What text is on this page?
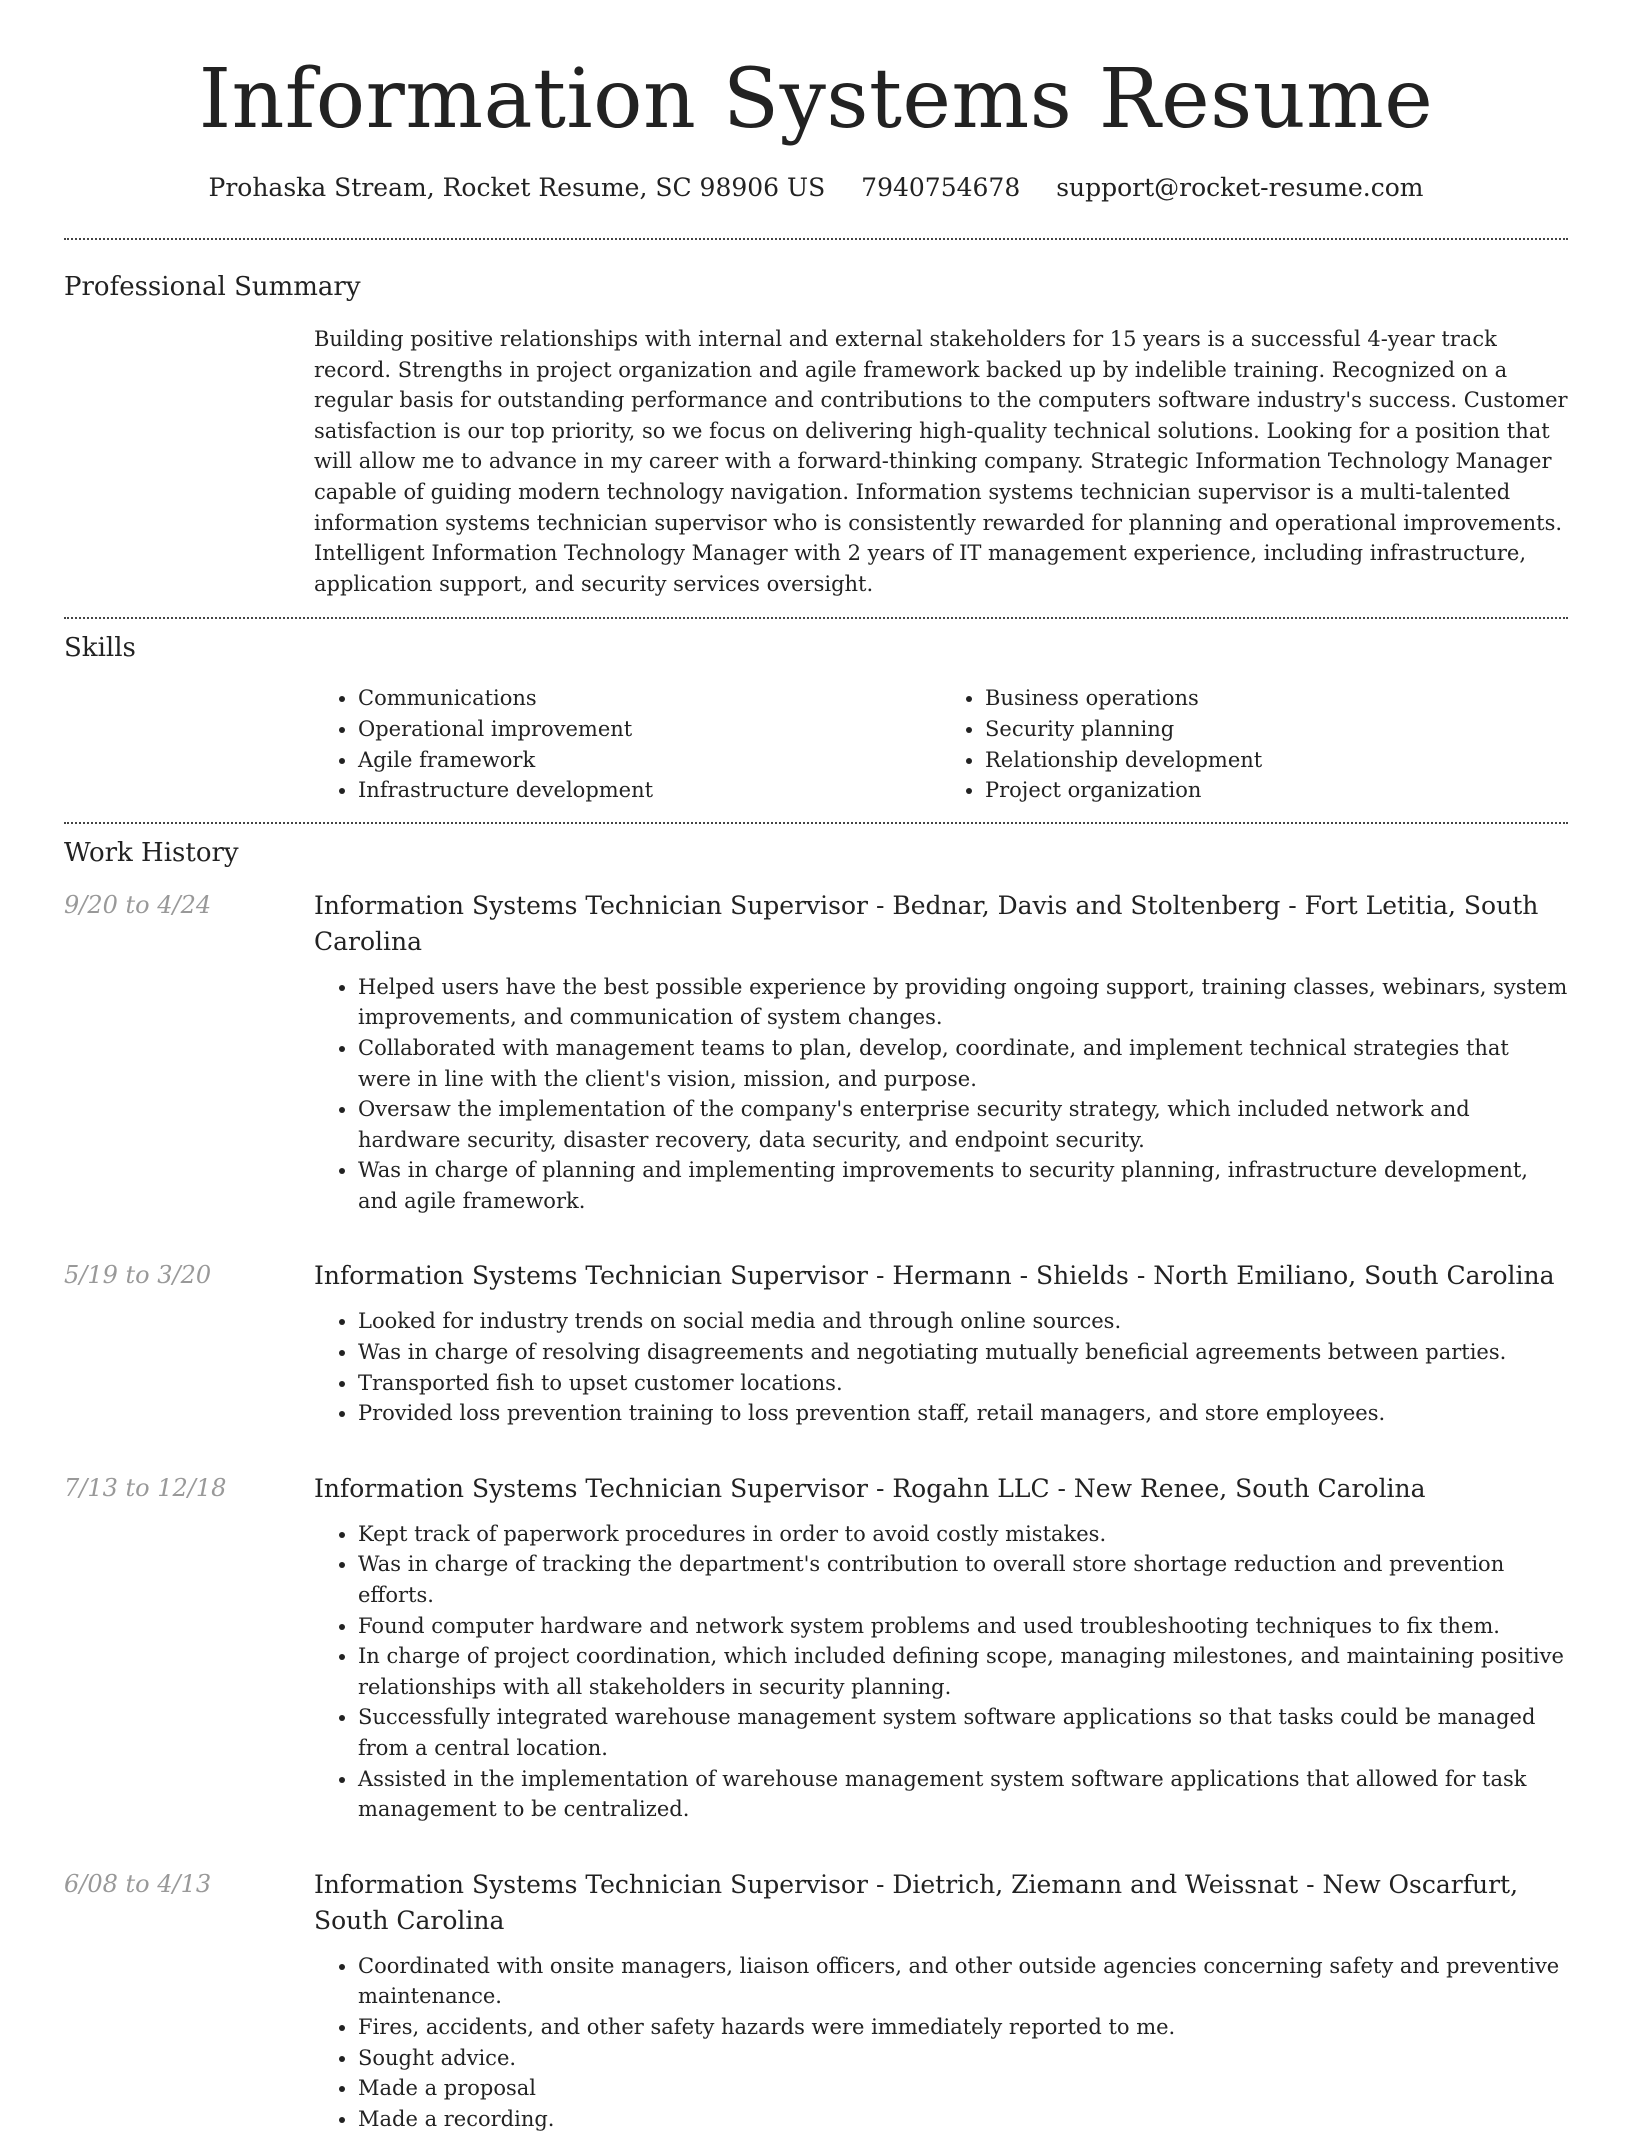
Information Systems Resume
Prohaska Stream, Rocket Resume, SC 98906 US 7940754678 support@rocket-resume.com
Professional Summary

Building positive relationships with internal and external stakeholders for 15 years is a successful 4-year track record. Strengths in project organization and agile framework backed up by indelible training. Recognized on a regular basis for outstanding performance and contributions to the computers software industry's success. Customer satisfaction is our top priority, so we focus on delivering high-quality technical solutions. Looking for a position that will allow me to advance in my career with a forward-thinking company. Strategic Information Technology Manager capable of guiding modern technology navigation. Information systems technician supervisor is a multi-talented information systems technician supervisor who is consistently rewarded for planning and operational improvements. Intelligent Information Technology Manager with 2 years of IT management experience, including infrastructure, application support, and security services oversight.

Skills
• Communications
• Operational improvement
• Agile framework
• Infrastructure development
• Business operations
• Security planning
• Relationship development
• Project organization
Work History
9/20 to 4/24	Information Systems Technician Supervisor - Bednar, Davis and Stoltenberg - Fort Letitia, South Carolina
• Helped users have the best possible experience by providing ongoing support, training classes, webinars, system improvements, and communication of system changes.
• Collaborated with management teams to plan, develop, coordinate, and implement technical strategies that were in line with the client's vision, mission, and purpose.
• Oversaw the implementation of the company's enterprise security strategy, which included network and hardware security, disaster recovery, data security, and endpoint security.
• Was in charge of planning and implementing improvements to security planning, infrastructure development, and agile framework.
5/19 to 3/20	Information Systems Technician Supervisor - Hermann - Shields - North Emiliano, South Carolina
• Looked for industry trends on social media and through online sources.
• Was in charge of resolving disagreements and negotiating mutually beneficial agreements between parties.
• Transported fish to upset customer locations.
• Provided loss prevention training to loss prevention staff, retail managers, and store employees.
7/13 to 12/18	Information Systems Technician Supervisor - Rogahn LLC - New Renee, South Carolina
• Kept track of paperwork procedures in order to avoid costly mistakes.
• Was in charge of tracking the department's contribution to overall store shortage reduction and prevention efforts.
• Found computer hardware and network system problems and used troubleshooting techniques to fix them.
• In charge of project coordination, which included defining scope, managing milestones, and maintaining positive relationships with all stakeholders in security planning.
• Successfully integrated warehouse management system software applications so that tasks could be managed from a central location.
• Assisted in the implementation of warehouse management system software applications that allowed for task management to be centralized.
6/08 to 4/13	Information Systems Technician Supervisor - Dietrich, Ziemann and Weissnat - New Oscarfurt, South Carolina
• Coordinated with onsite managers, liaison officers, and other outside agencies concerning safety and preventive maintenance.
• Fires, accidents, and other safety hazards were immediately reported to me.
• Sought advice.
• Made a proposal
• Made a recording.
